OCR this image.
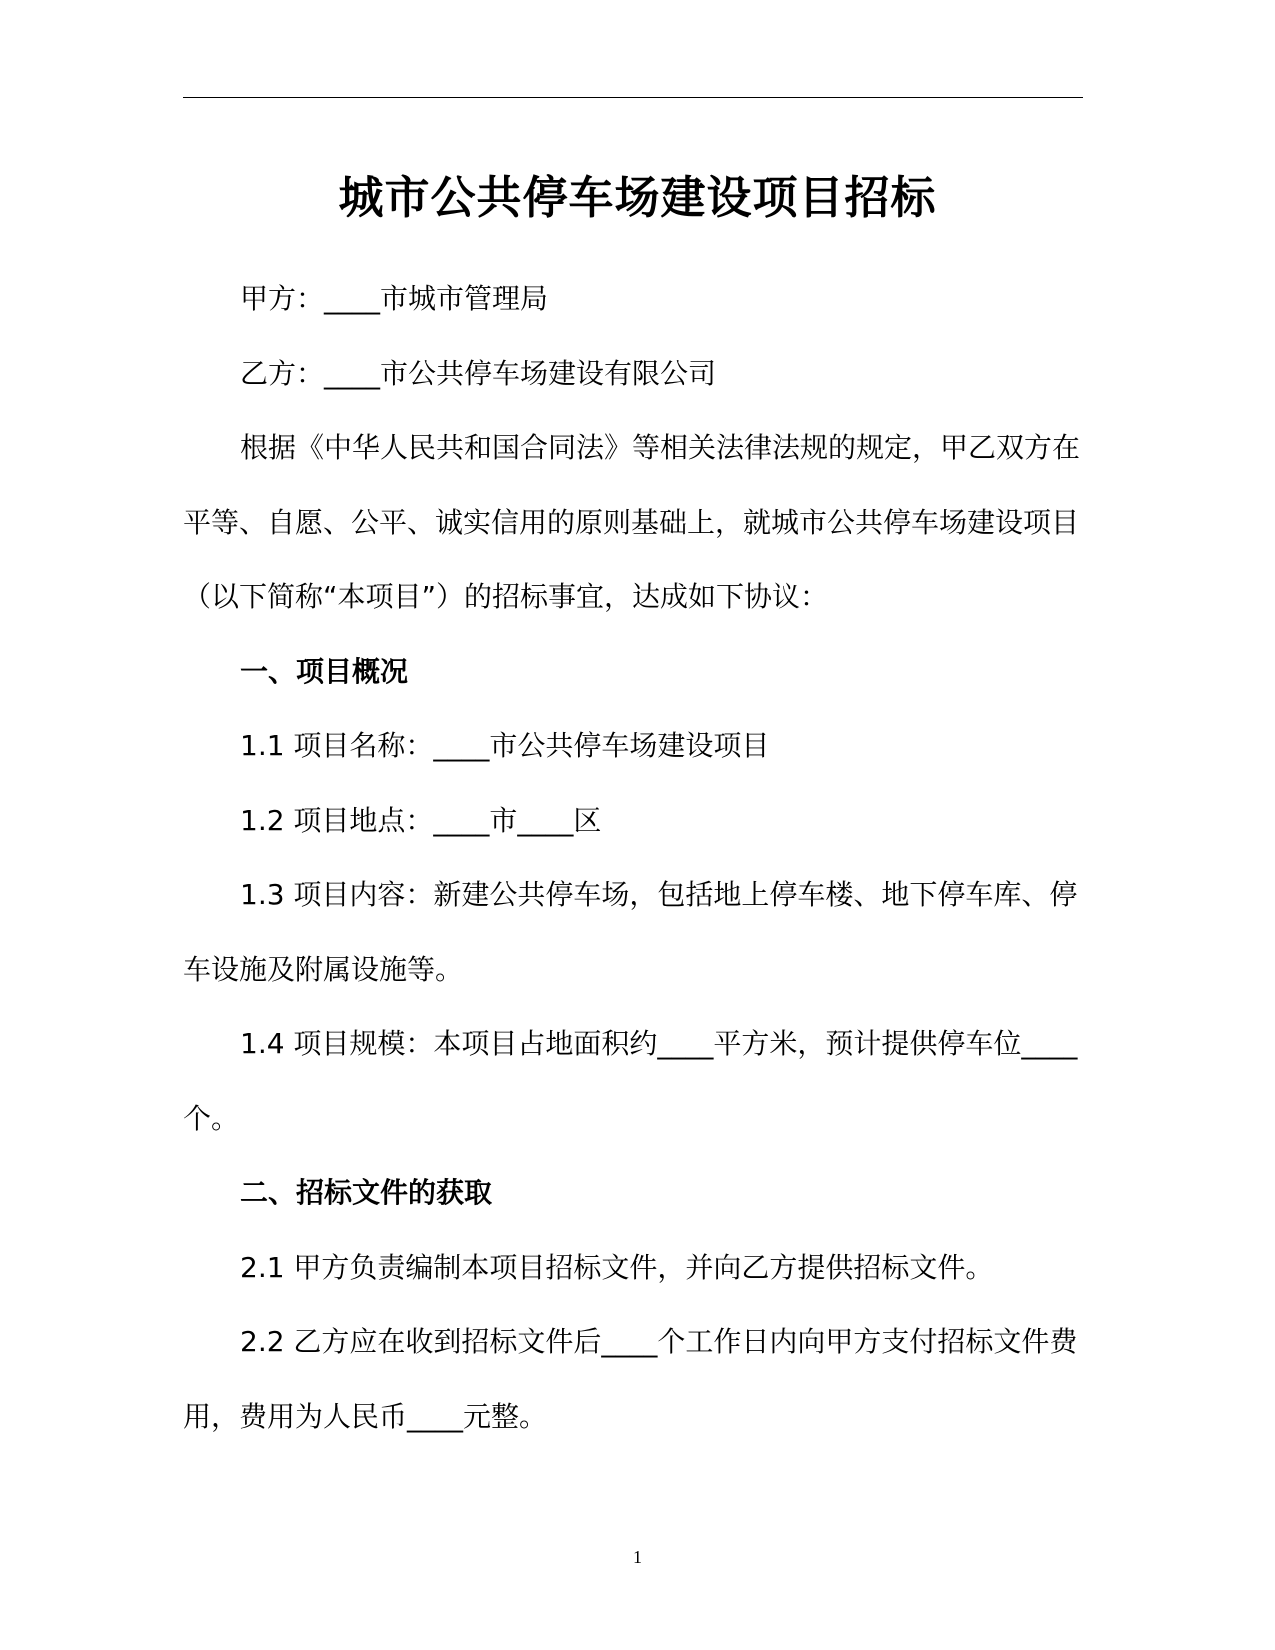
城市公共停车场建设项目招标

甲方：____市城市管理局

乙方：____市公共停车场建设有限公司

根据《中华人民共和国合同法》等相关法律法规的规定，甲乙双方在平等、自愿、公平、诚实信用的原则基础上，就城市公共停车场建设项目（以下简称“本项目”）的招标事宜，达成如下协议：

一、项目概况

1.1 项目名称：____市公共停车场建设项目

1.2 项目地点：____市____区

1.3 项目内容：新建公共停车场，包括地上停车楼、地下停车库、停车设施及附属设施等。

1.4 项目规模：本项目占地面积约____平方米，预计提供停车位____个。

二、招标文件的获取

2.1 甲方负责编制本项目招标文件，并向乙方提供招标文件。

2.2 乙方应在收到招标文件后____个工作日内向甲方支付招标文件费用，费用为人民币____元整。

1
